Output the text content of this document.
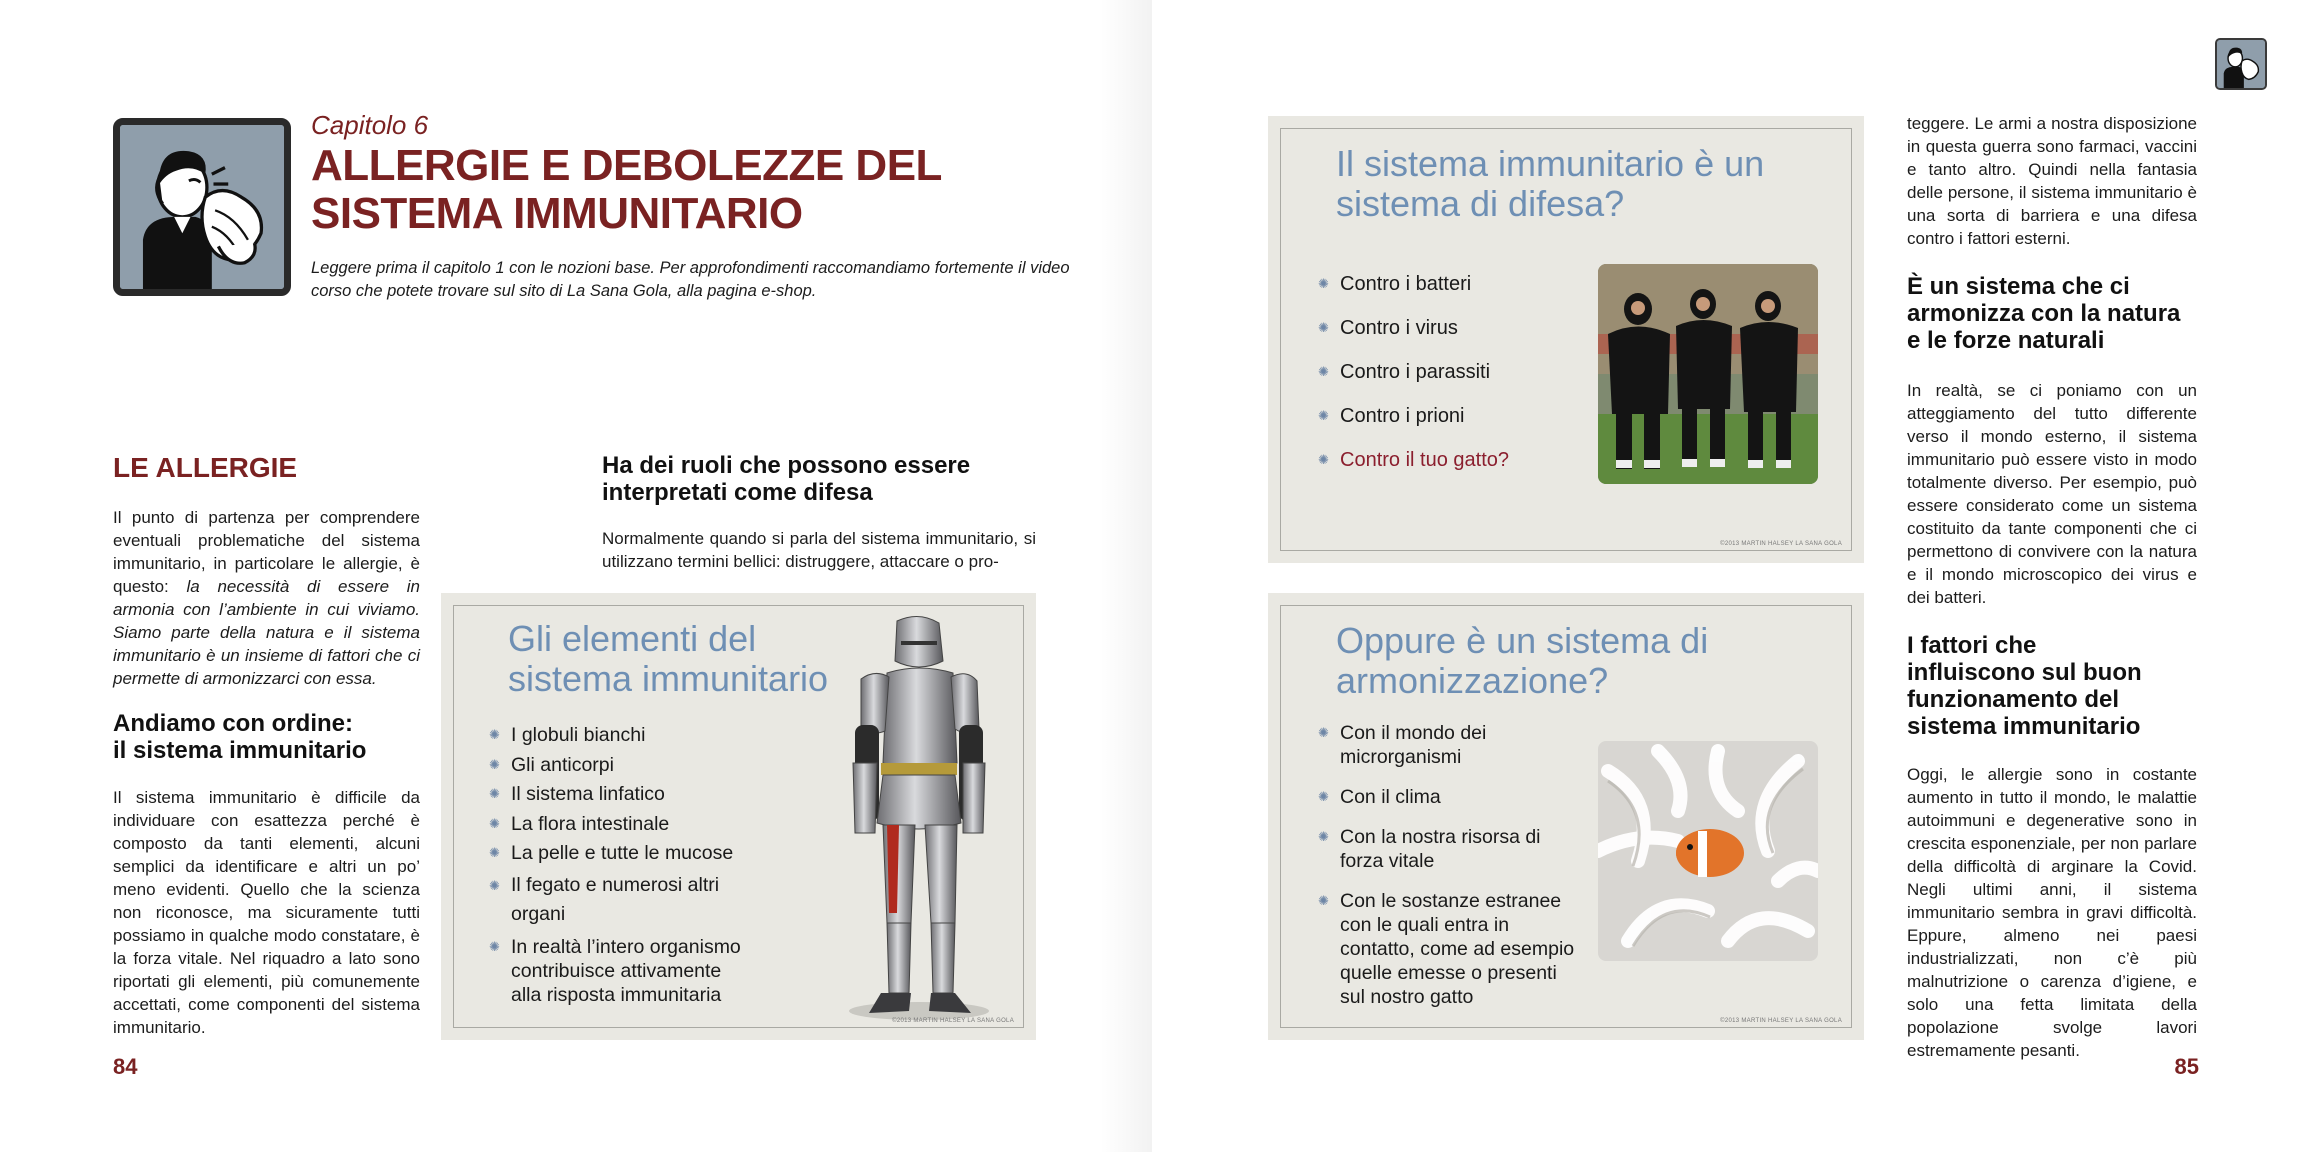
Capitolo 6
ALLERGIE E DEBOLEZZE DEL
SISTEMA IMMUNITARIO
Leggere prima il capitolo 1 con le nozioni base. Per approfondimenti raccomandiamo fortemente il video corso che potete trovare sul sito di La Sana Gola, alla pagina e-shop.
LE ALLERGIE

Il punto di partenza per comprendere eventuali problematiche del sistema immunitario, in particolare le allergie, è questo: la necessità di essere in armonia con l’ambiente in cui viviamo. Siamo parte della natura e il sistema immunitario è un insieme di fattori che ci permette di armonizzarci con essa.

Andiamo con ordine:
il sistema immunitario

Il sistema immunitario è difficile da individuare con esattezza perché è composto da tanti elementi, alcuni semplici da identificare e altri un po’ meno evidenti. Quello che la scienza non riconosce, ma sicuramente tutti possiamo in qualche modo constatare, è la forza vitale. Nel riquadro a lato sono riportati gli elementi, più comunemente accettati, come componenti del sistema immunitario.

Ha dei ruoli che possono essere
interpretati come difesa

Normalmente quando si parla del sistema immunitario, si utilizzano termini bellici: distruggere, attaccare o pro-

Gli elementi del
sistema immunitario
✺ I globuli bianchi
✺ Gli anticorpi
✺ Il sistema linfatico
✺ La flora intestinale
✺ La pelle e tutte le mucose
✺ Il fegato e numerosi altri
organi
✺ In realtà l’intero organismo
contribuisce attivamente
alla risposta immunitaria
©2013 MARTIN HALSEY LA SANA GOLA
84
Il sistema immunitario è un
sistema di difesa?
✺ Contro i batteri
✺ Contro i virus
✺ Contro i parassiti
✺ Contro i prioni
✺ Contro il tuo gatto?
©2013 MARTIN HALSEY LA SANA GOLA
Oppure è un sistema di
armonizzazione?
✺ Con il mondo dei
microrganismi
✺ Con il clima
✺ Con la nostra risorsa di
forza vitale
✺ Con le sostanze estranee
con le quali entra in
contatto, come ad esempio
quelle emesse o presenti
sul nostro gatto
©2013 MARTIN HALSEY LA SANA GOLA

teggere. Le armi a nostra disposizione in questa guerra sono farmaci, vaccini e tanto altro. Quindi nella fantasia delle persone, il sistema immunitario è una sorta di barriera e una difesa contro i fattori esterni.

È un sistema che ci
armonizza con la natura
e le forze naturali

In realtà, se ci poniamo con un atteggiamento del tutto differente verso il mondo esterno, il sistema immunitario può essere visto in modo totalmente diverso. Per esempio, può essere considerato come un sistema costituito da tante componenti che ci permettono di convivere con la natura e il mondo microscopico dei virus e dei batteri.

I fattori che
influiscono sul buon
funzionamento del
sistema immunitario

Oggi, le allergie sono in costante aumento in tutto il mondo, le malattie autoimmuni e degenerative sono in crescita esponenziale, per non parlare della difficoltà di arginare la Covid. Negli ultimi anni, il sistema immunitario sembra in gravi difficoltà. Eppure, almeno nei paesi industrializzati, non c’è più malnutrizione o carenza d’igiene, e solo una fetta limitata della popolazione svolge lavori estremamente pesanti.

85
